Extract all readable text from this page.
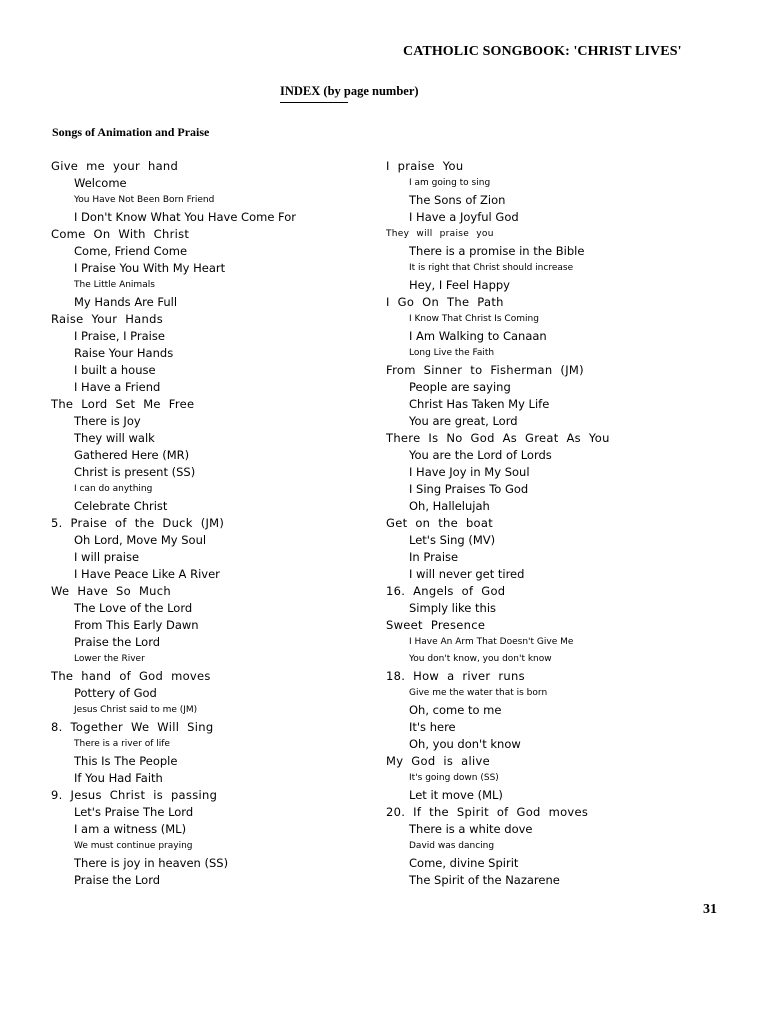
CATHOLIC SONGBOOK: 'CHRIST LIVES'
INDEX (by page number)
Songs of Animation and Praise
Give me your hand
Welcome
You Have Not Been Born Friend
I Don't Know What You Have Come For
Come On With Christ
Come, Friend Come
I Praise You With My Heart
The Little Animals
My Hands Are Full
Raise Your Hands
I Praise, I Praise
Raise Your Hands
I built a house
I Have a Friend
The Lord Set Me Free
There is Joy
They will walk
Gathered Here (MR)
Christ is present (SS)
I can do anything
Celebrate Christ
5. Praise of the Duck (JM)
Oh Lord, Move My Soul
I will praise
I Have Peace Like A River
We Have So Much
The Love of the Lord
From This Early Dawn
Praise the Lord
Lower the River
The hand of God moves
Pottery of God
Jesus Christ said to me (JM)
8. Together We Will Sing
There is a river of life
This Is The People
If You Had Faith
9. Jesus Christ is passing
Let's Praise The Lord
I am a witness (ML)
We must continue praying
There is joy in heaven (SS)
Praise the Lord
I praise You
I am going to sing
The Sons of Zion
I Have a Joyful God
They will praise you
There is a promise in the Bible
It is right that Christ should increase
Hey, I Feel Happy
I Go On The Path
I Know That Christ Is Coming
I Am Walking to Canaan
Long Live the Faith
From Sinner to Fisherman (JM)
People are saying
Christ Has Taken My Life
You are great, Lord
There Is No God As Great As You
You are the Lord of Lords
I Have Joy in My Soul
I Sing Praises To God
Oh, Hallelujah
Get on the boat
Let's Sing (MV)
In Praise
I will never get tired
16. Angels of God
Simply like this
Sweet Presence
I Have An Arm That Doesn't Give Me
You don't know, you don't know
18. How a river runs
Give me the water that is born
Oh, come to me
It's here
Oh, you don't know
My God is alive
It's going down (SS)
Let it move (ML)
20. If the Spirit of God moves
There is a white dove
David was dancing
Come, divine Spirit
The Spirit of the Nazarene
31
